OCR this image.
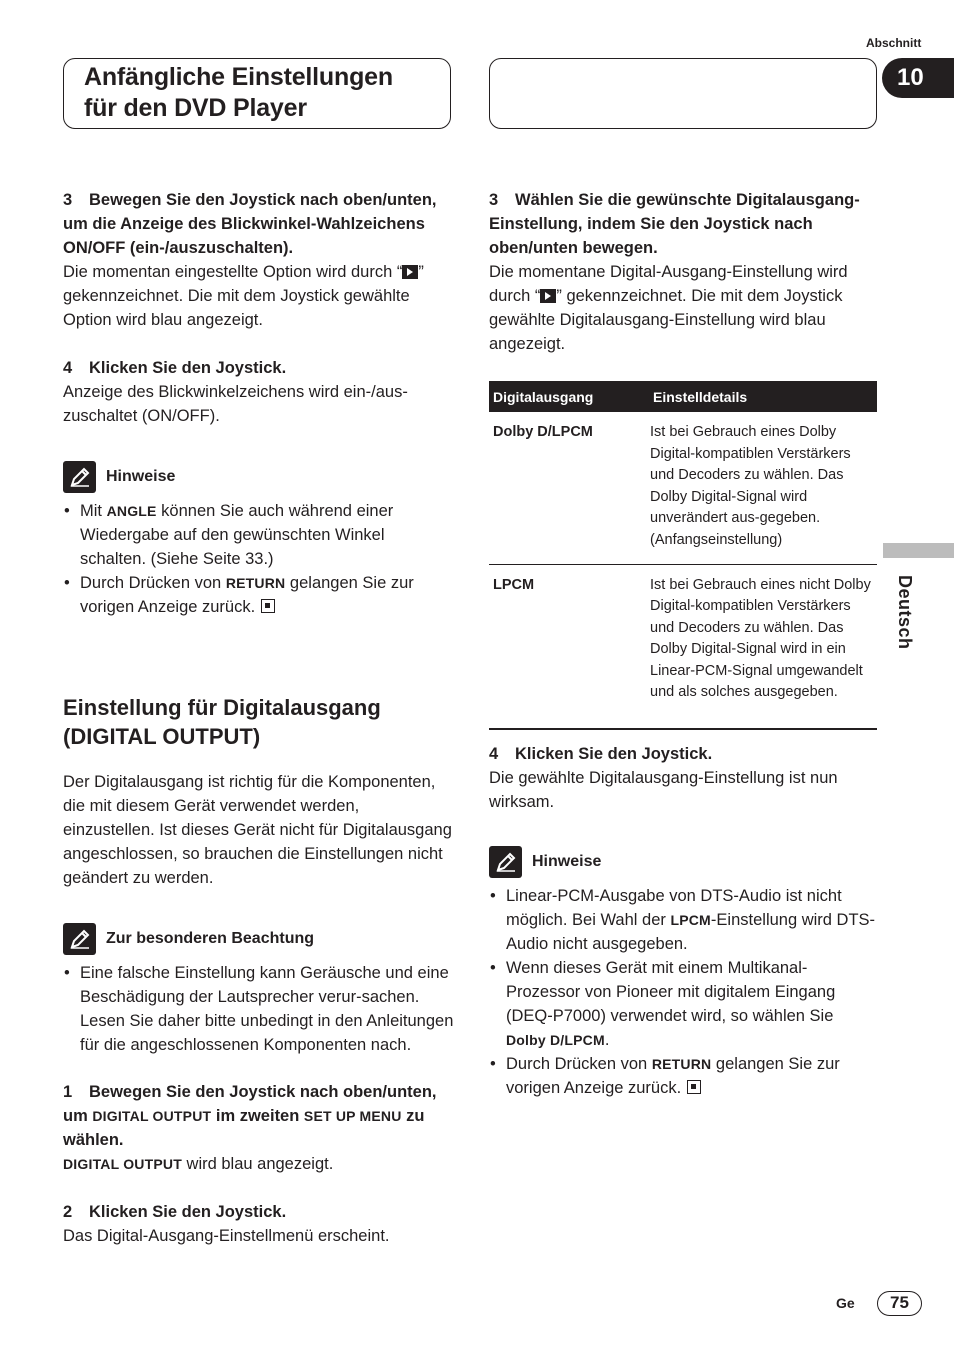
Abschnitt
10
Anfängliche Einstellungen
für den DVD Player
3 Bewegen Sie den Joystick nach oben/unten, um die Anzeige des Blickwinkel-Wahlzeichens ON/OFF (ein-/auszuschalten).
Die momentan eingestellte Option wird durch “ ” gekennzeichnet. Die mit dem Joystick gewählte Option wird blau angezeigt.
4 Klicken Sie den Joystick.
Anzeige des Blickwinkelzeichens wird ein-/aus-zuschaltet (ON/OFF).
Hinweise
• Mit ANGLE können Sie auch während einer Wiedergabe auf den gewünschten Winkel schalten. (Siehe Seite 33.)
• Durch Drücken von RETURN gelangen Sie zur vorigen Anzeige zurück.
Einstellung für Digitalausgang
(DIGITAL OUTPUT)
Der Digitalausgang ist richtig für die Komponenten, die mit diesem Gerät verwendet werden, einzustellen. Ist dieses Gerät nicht für Digitalausgang angeschlossen, so brauchen die Einstellungen nicht geändert zu werden.
Zur besonderen Beachtung
• Eine falsche Einstellung kann Geräusche und eine Beschädigung der Lautsprecher verur-sachen. Lesen Sie daher bitte unbedingt in den Anleitungen für die angeschlossenen Komponenten nach.
1 Bewegen Sie den Joystick nach oben/unten, um DIGITAL OUTPUT im zweiten SET UP MENU zu wählen.
DIGITAL OUTPUT wird blau angezeigt.
2 Klicken Sie den Joystick.
Das Digital-Ausgang-Einstellmenü erscheint.
3 Wählen Sie die gewünschte Digitalausgang-Einstellung, indem Sie den Joystick nach oben/unten bewegen.
Die momentane Digital-Ausgang-Einstellung wird durch “ ” gekennzeichnet. Die mit dem Joystick gewählte Digitalausgang-Einstellung wird blau angezeigt.
Digitalausgang	Einstelldetails
Dolby D/LPCM	Ist bei Gebrauch eines Dolby Digital-kompatiblen Verstärkers und Decoders zu wählen. Das Dolby Digital-Signal wird unverändert aus-gegeben. (Anfangseinstellung)
LPCM	Ist bei Gebrauch eines nicht Dolby Digital-kompatiblen Verstärkers und Decoders zu wählen. Das Dolby Digital-Signal wird in ein Linear-PCM-Signal umgewandelt und als solches ausgegeben.
4 Klicken Sie den Joystick.
Die gewählte Digitalausgang-Einstellung ist nun wirksam.
Hinweise
• Linear-PCM-Ausgabe von DTS-Audio ist nicht möglich. Bei Wahl der LPCM-Einstellung wird DTS-Audio nicht ausgegeben.
• Wenn dieses Gerät mit einem Multikanal-Prozessor von Pioneer mit digitalem Eingang (DEQ-P7000) verwendet wird, so wählen Sie Dolby D/LPCM.
• Durch Drücken von RETURN gelangen Sie zur vorigen Anzeige zurück.
Deutsch
Ge	75
